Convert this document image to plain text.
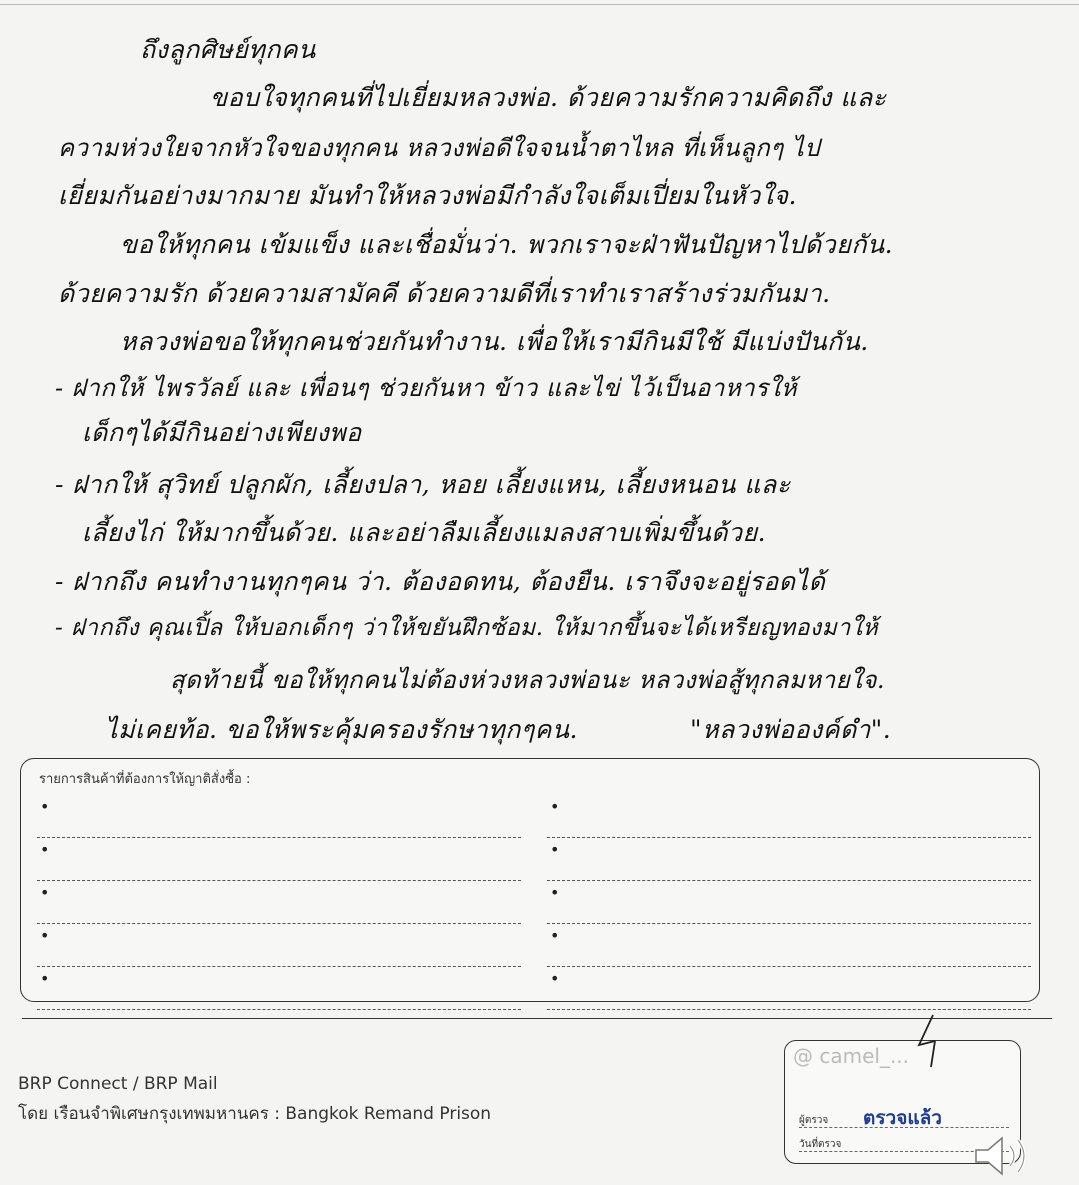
ถึงลูกศิษย์ทุกคน
ขอบใจทุกคนที่ไปเยี่ยมหลวงพ่อ. ด้วยความรักความคิดถึง และ
ความห่วงใยจากหัวใจของทุกคน หลวงพ่อดีใจจนน้ำตาไหล ที่เห็นลูกๆ ไป
เยี่ยมกันอย่างมากมาย มันทำให้หลวงพ่อมีกำลังใจเต็มเปี่ยมในหัวใจ.
ขอให้ทุกคน เข้มแข็ง และเชื่อมั่นว่า. พวกเราจะฝ่าฟันปัญหาไปด้วยกัน.
ด้วยความรัก ด้วยความสามัคคี ด้วยความดีที่เราทำเราสร้างร่วมกันมา.
หลวงพ่อขอให้ทุกคนช่วยกันทำงาน. เพื่อให้เรามีกินมีใช้ มีแบ่งปันกัน.
- ฝากให้ ไพรวัลย์ และ เพื่อนๆ ช่วยกันหา ข้าว และไข่ ไว้เป็นอาหารให้
เด็กๆได้มีกินอย่างเพียงพอ
- ฝากให้ สุวิทย์ ปลูกผัก, เลี้ยงปลา, หอย เลี้ยงแหน, เลี้ยงหนอน และ
เลี้ยงไก่ ให้มากขึ้นด้วย. และอย่าลืมเลี้ยงแมลงสาบเพิ่มขึ้นด้วย.
- ฝากถึง คนทำงานทุกๆคน ว่า. ต้องอดทน, ต้องยืน. เราจึงจะอยู่รอดได้
- ฝากถึง คุณเปิ้ล ให้บอกเด็กๆ ว่าให้ขยันฝึกซ้อม. ให้มากขึ้นจะได้เหรียญทองมาให้
สุดท้ายนี้ ขอให้ทุกคนไม่ต้องห่วงหลวงพ่อนะ หลวงพ่อสู้ทุกลมหายใจ.
ไม่เคยท้อ. ขอให้พระคุ้มครองรักษาทุกๆคน.	"หลวงพ่อองค์ดำ".
รายการสินค้าที่ต้องการให้ญาติสั่งซื้อ :
•
•
•
•
•
•
•
•
•
•
BRP Connect / BRP Mail
โดย เรือนจำพิเศษกรุงเทพมหานคร : Bangkok Remand Prison
@ camel_...
ผู้ตรวจ ตรวจแล้ว
วันที่ตรวจ
